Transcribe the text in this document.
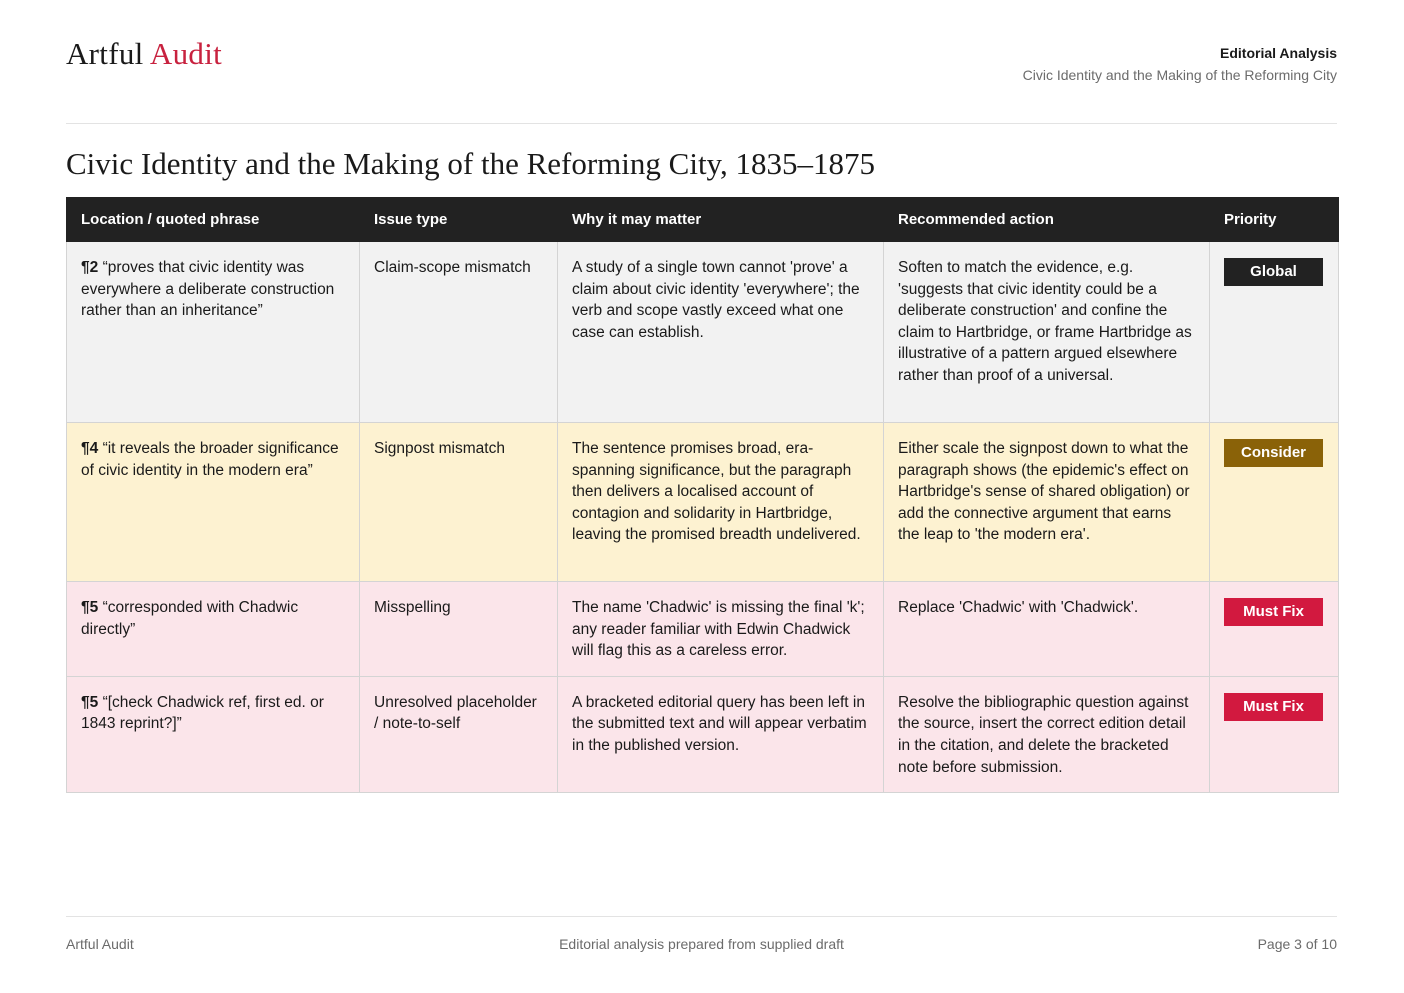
Artful Audit	Editorial Analysis
Civic Identity and the Making of the Reforming City
Civic Identity and the Making of the Reforming City, 1835–1875
Location / quoted phrase	Issue type	Why it may matter	Recommended action	Priority
¶2 “proves that civic identity was everywhere a deliberate construction rather than an inheritance”	Claim-scope mismatch	A study of a single town cannot 'prove' a claim about civic identity 'everywhere'; the verb and scope vastly exceed what one case can establish.	Soften to match the evidence, e.g. 'suggests that civic identity could be a deliberate construction' and confine the claim to Hartbridge, or frame Hartbridge as illustrative of a pattern argued elsewhere rather than proof of a universal.	Global

¶4 “it reveals the broader significance of civic identity in the modern era”	Signpost mismatch	The sentence promises broad, era-spanning significance, but the paragraph then delivers a localised account of contagion and solidarity in Hartbridge, leaving the promised breadth undelivered.	Either scale the signpost down to what the paragraph shows (the epidemic's effect on Hartbridge's sense of shared obligation) or add the connective argument that earns the leap to 'the modern era'.	Consider

¶5 “corresponded with Chadwic directly”	Misspelling	The name 'Chadwic' is missing the final 'k'; any reader familiar with Edwin Chadwick will flag this as a careless error.	Replace 'Chadwic' with 'Chadwick'.	Must Fix

¶5 “[check Chadwick ref, first ed. or 1843 reprint?]”	Unresolved placeholder / note-to-self	A bracketed editorial query has been left in the submitted text and will appear verbatim in the published version.	Resolve the bibliographic question against the source, insert the correct edition detail in the citation, and delete the bracketed note before submission.	Must Fix
Artful Audit	Editorial analysis prepared from supplied draft	Page 3 of 10
